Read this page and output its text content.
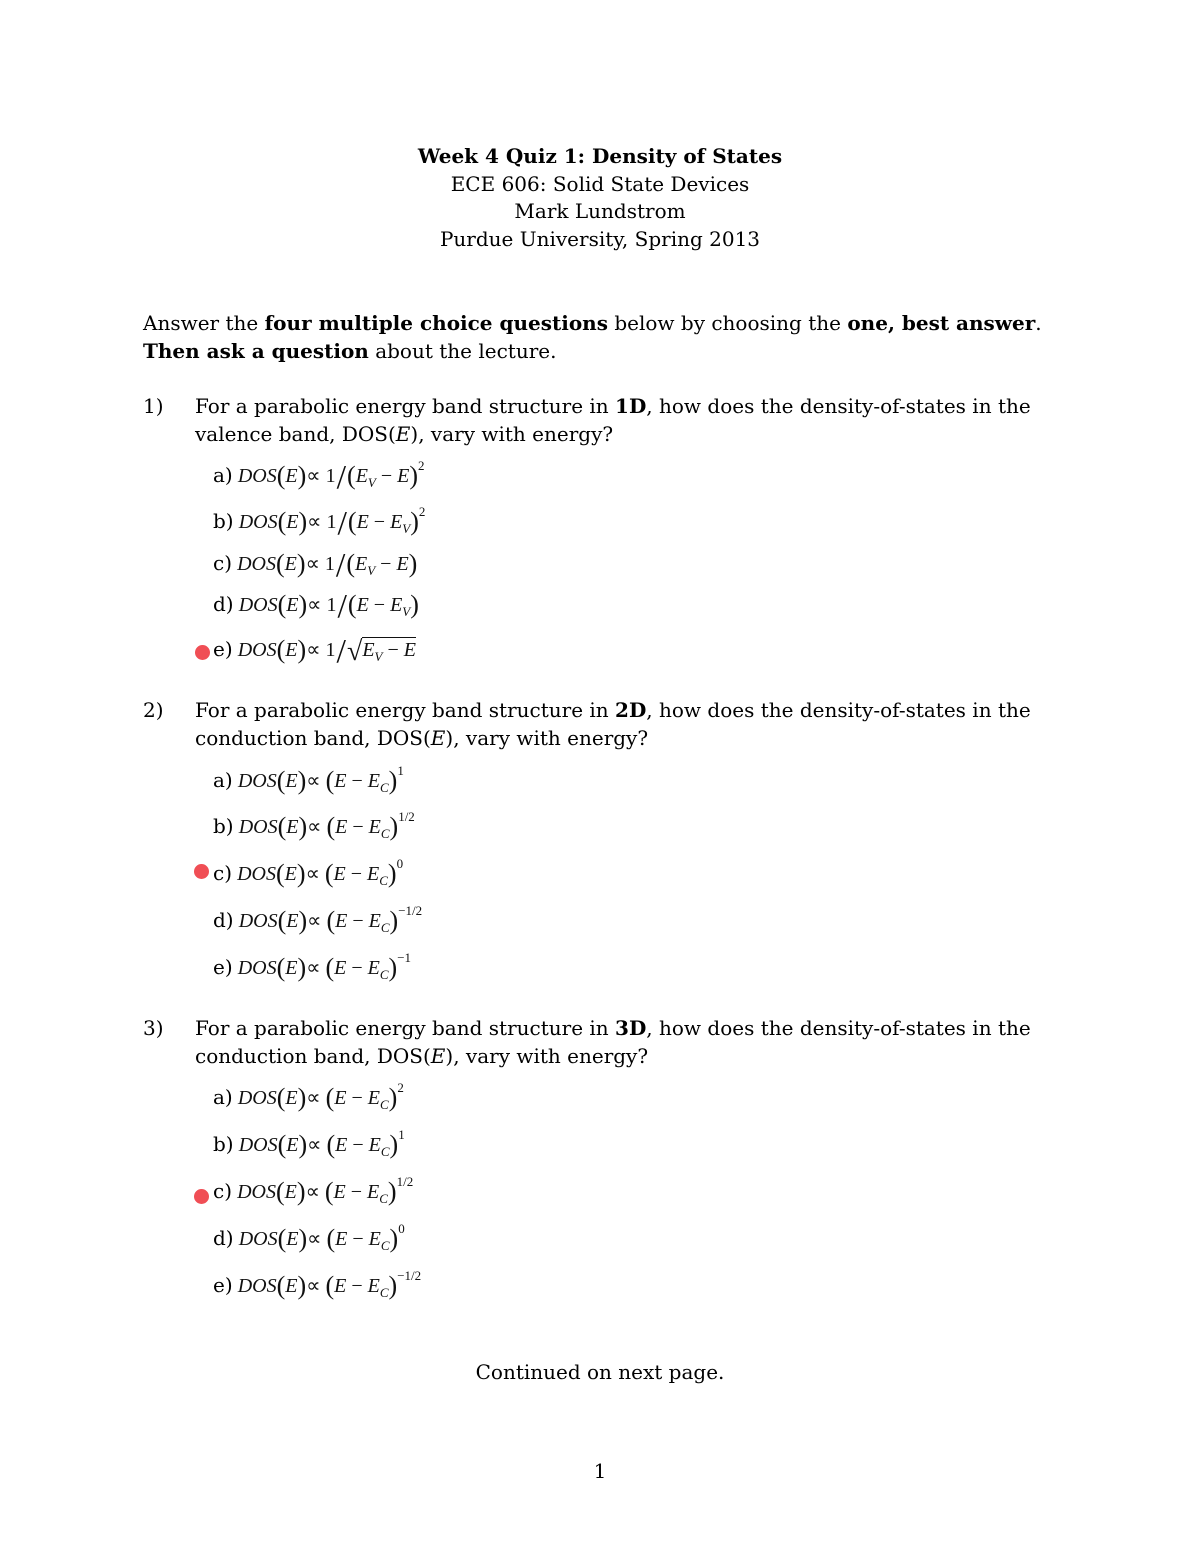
Week 4 Quiz 1: Density of States
ECE 606: Solid State Devices
Mark Lundstrom
Purdue University, Spring 2013
Answer the four multiple choice questions below by choosing the one, best answer.
Then ask a question about the lecture.
1) For a parabolic energy band structure in 1D, how does the density-of-states in the
valence band, DOS(E), vary with energy?
a) $DOS(E)\propto 1/(E_V - E)^2$
b) $DOS(E)\propto 1/(E - E_V)^2$
c) $DOS(E)\propto 1/(E_V - E)$
d) $DOS(E)\propto 1/(E - E_V)$
e) $DOS(E)\propto 1/√E_V - E$
2) For a parabolic energy band structure in 2D, how does the density-of-states in the
conduction band, DOS(E), vary with energy?
a) $DOS(E)\propto (E - E_C)^1$
b) $DOS(E)\propto (E - E_C)^{1/2}$
c) $DOS(E)\propto (E - E_C)^0$
d) $DOS(E)\propto (E - E_C)^{-1/2}$
e) $DOS(E)\propto (E - E_C)^{-1}$
3) For a parabolic energy band structure in 3D, how does the density-of-states in the
conduction band, DOS(E), vary with energy?
a) $DOS(E)\propto (E - E_C)^2$
b) $DOS(E)\propto (E - E_C)^1$
c) $DOS(E)\propto (E - E_C)^{1/2}$
d) $DOS(E)\propto (E - E_C)^0$
e) $DOS(E)\propto (E - E_C)^{-1/2}$
Continued on next page.
1
